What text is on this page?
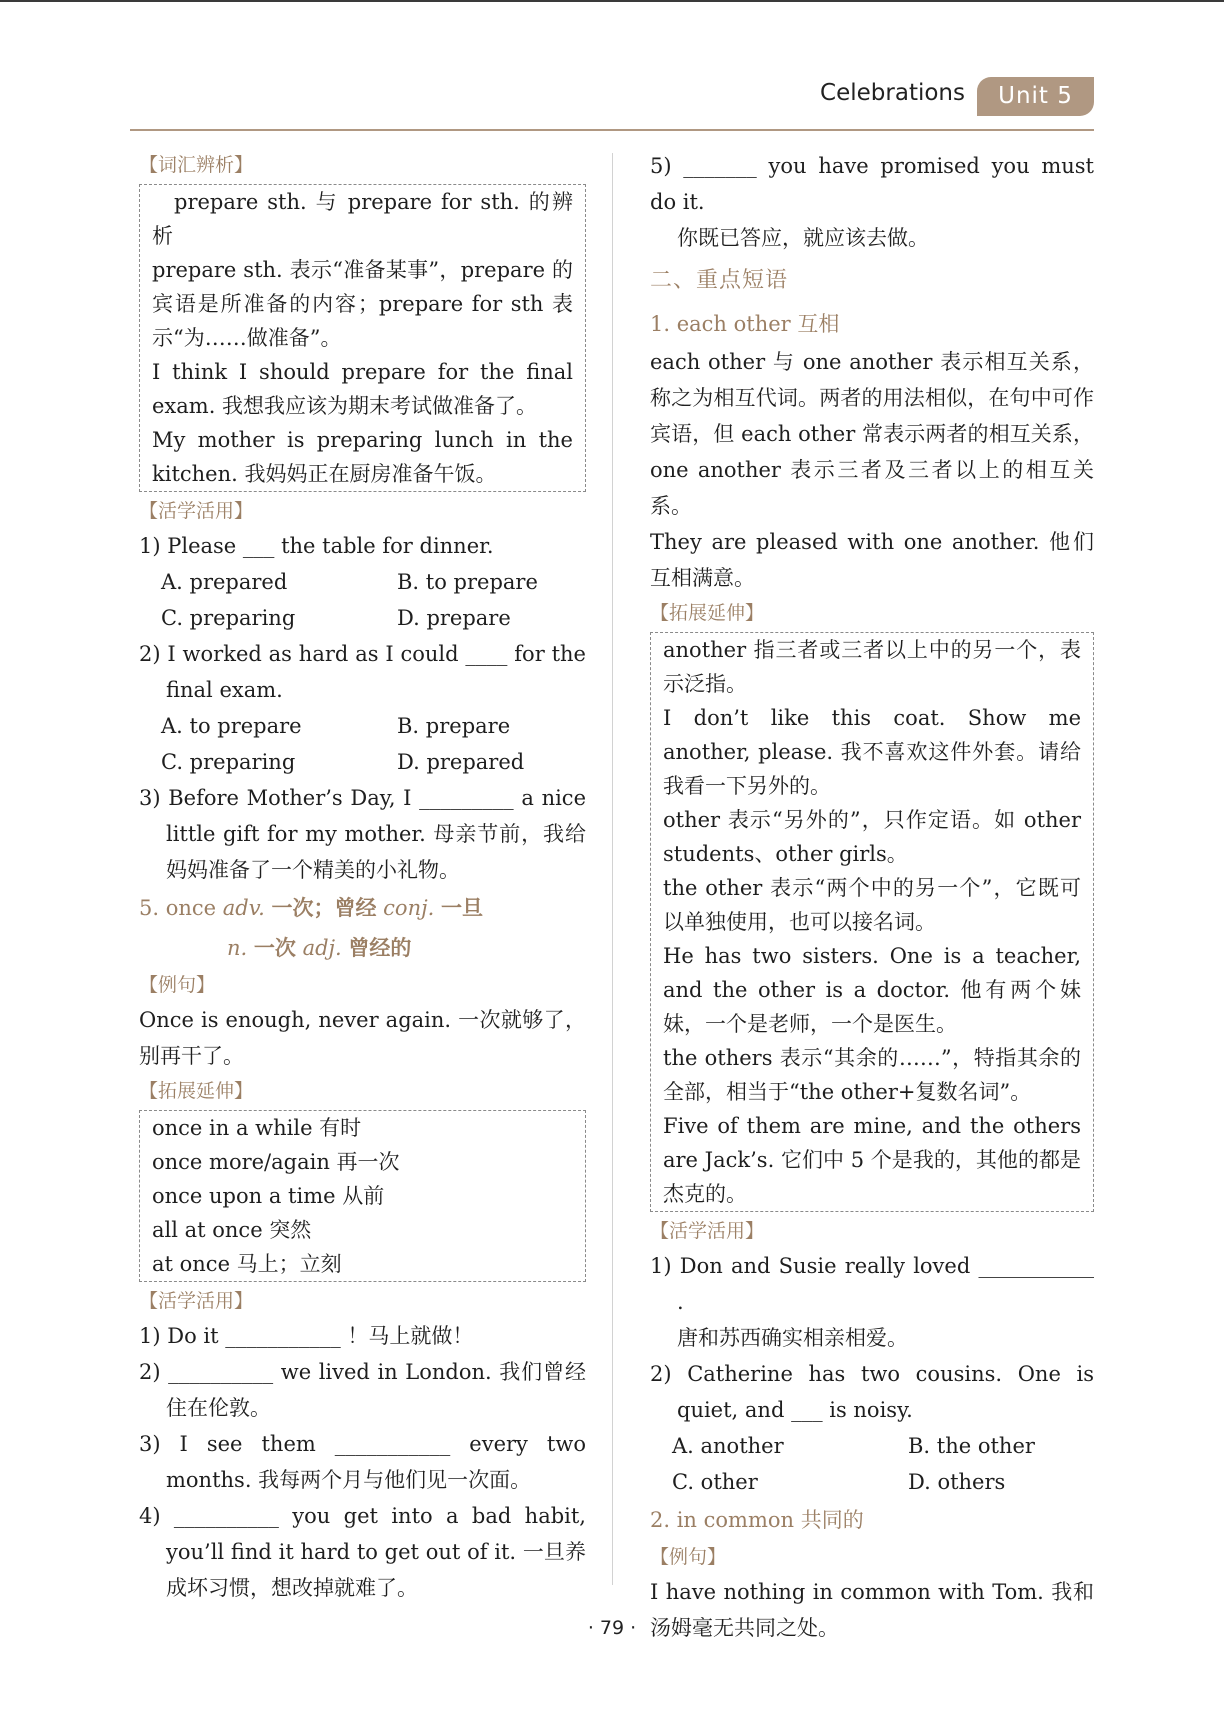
Celebrations	Unit 5

【词汇辨析】

prepare sth. 与 prepare for sth. 的辨析

prepare sth. 表示“准备某事”，prepare 的宾语是所准备的内容；prepare for sth 表示“为……做准备”。

I think I should prepare for the final exam. 我想我应该为期末考试做准备了。

My mother is preparing lunch in the kitchen. 我妈妈正在厨房准备午饭。

【活学活用】

1) Please ___ the table for dinner.

A. prepared	B. to prepare
C. preparing	D. prepare

2) I worked as hard as I could ____ for the final exam.

A. to prepare	B. prepare
C. preparing	D. prepared

3) Before Mother’s Day, I _________ a nice little gift for my mother. 母亲节前，我给妈妈准备了一个精美的小礼物。

5. once adv. 一次；曾经 conj. 一旦
n. 一次 adj. 曾经的

【例句】

Once is enough, never again. 一次就够了，别再干了。

【拓展延伸】

once in a while 有时

once more/again 再一次

once upon a time 从前

all at once 突然

at once 马上；立刻

【活学活用】

1) Do it ___________ ！马上就做！

2) __________ we lived in London. 我们曾经住在伦敦。

3) I see them ___________ every two months. 我每两个月与他们见一次面。

4) __________ you get into a bad habit, you’ll find it hard to get out of it. 一旦养成坏习惯，想改掉就难了。

5) _______ you have promised you must do it.

你既已答应，就应该去做。

二、重点短语

1. each other 互相

each other 与 one another 表示相互关系，称之为相互代词。两者的用法相似，在句中可作宾语，但 each other 常表示两者的相互关系，one another 表示三者及三者以上的相互关系。

They are pleased with one another. 他们互相满意。

【拓展延伸】

another 指三者或三者以上中的另一个，表示泛指。

I don’t like this coat. Show me another, please. 我不喜欢这件外套。请给我看一下另外的。

other 表示“另外的”，只作定语。如 other students、other girls。

the other 表示“两个中的另一个”，它既可以单独使用，也可以接名词。

He has two sisters. One is a teacher, and the other is a doctor. 他有两个妹妹，一个是老师，一个是医生。

the others 表示“其余的……”，特指其余的全部，相当于“the other+复数名词”。

Five of them are mine, and the others are Jack’s. 它们中 5 个是我的，其他的都是杰克的。

【活学活用】

1) Don and Susie really loved ___________ .

唐和苏西确实相亲相爱。

2) Catherine has two cousins. One is quiet, and ___ is noisy.

A. another	B. the other
C. other	D. others

2. in common 共同的

【例句】

I have nothing in common with Tom. 我和汤姆毫无共同之处。

· 79 ·
